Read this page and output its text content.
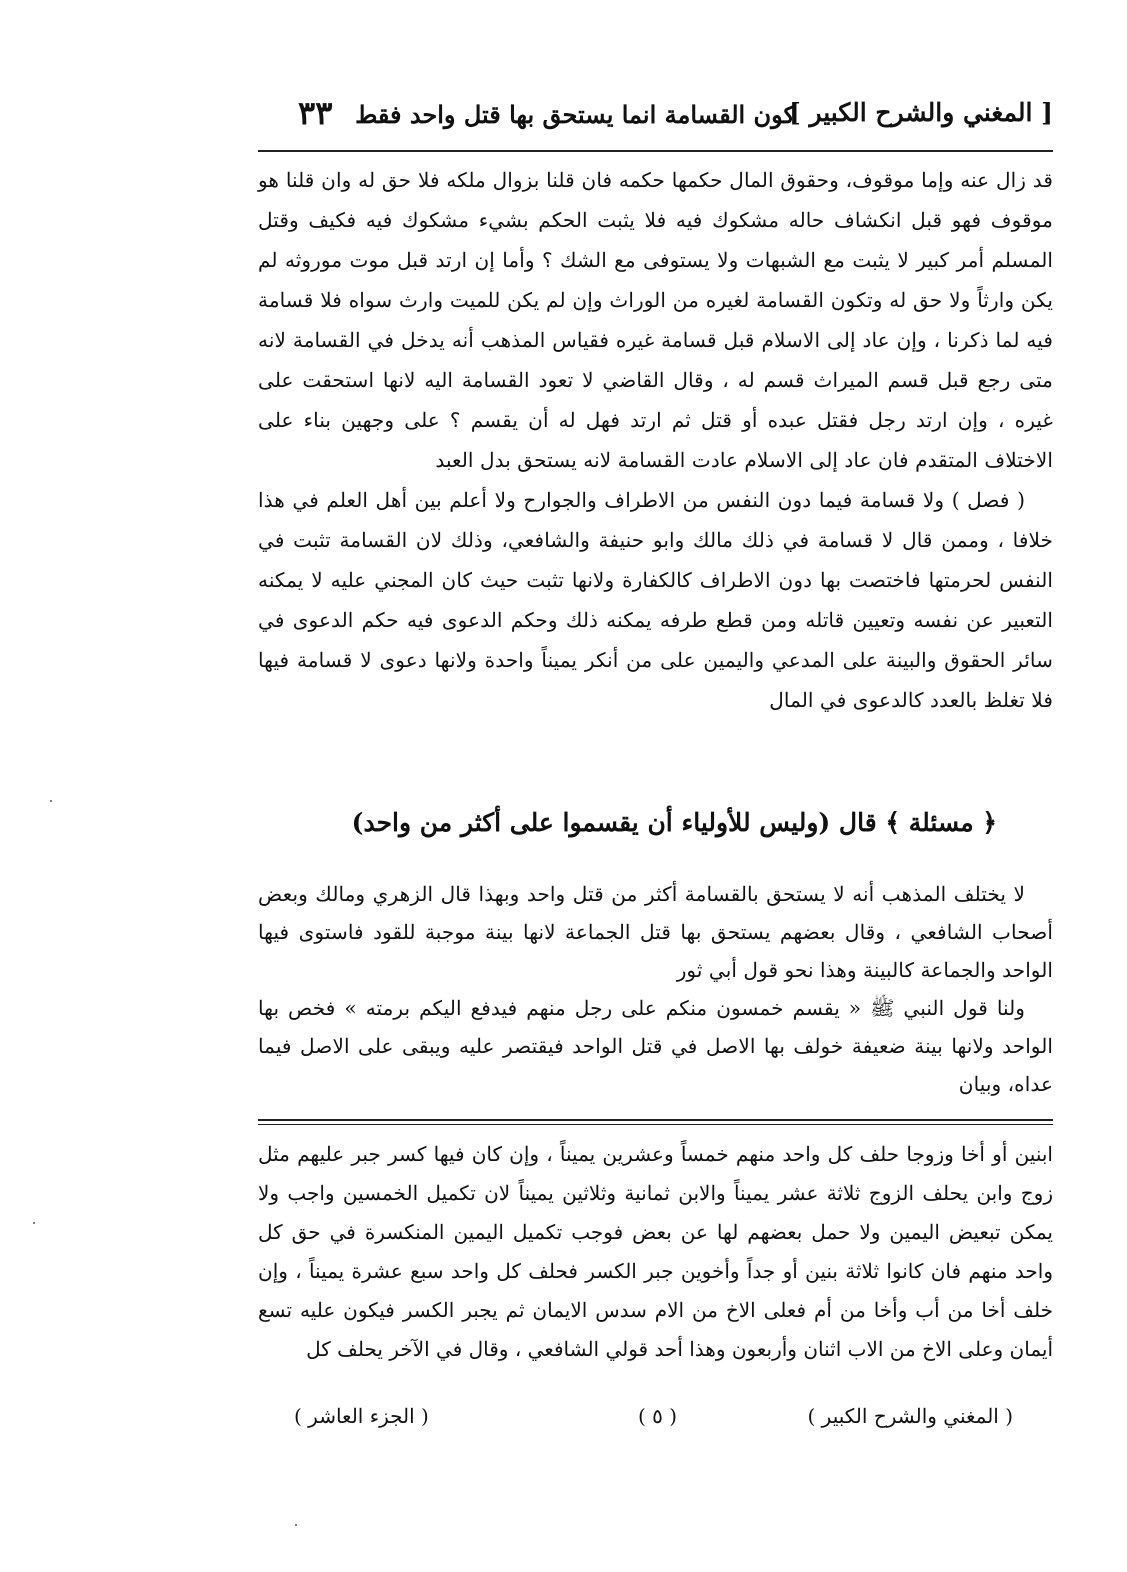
[ المغني والشرح الكبير ]
كون القسامة انما يستحق بها قتل واحد فقط
٣٣

قد زال عنه وإما موقوف، وحقوق المال حكمها حكمه فان قلنا بزوال ملكه فلا حق له وان قلنا هو موقوف فهو قبل انكشاف حاله مشكوك فيه فلا يثبت الحكم بشيء مشكوك فيه فكيف وقتل المسلم أمر كبير لا يثبت مع الشبهات ولا يستوفى مع الشك ؟ وأما إن ارتد قبل موت موروثه لم يكن وارثاً ولا حق له وتكون القسامة لغيره من الوراث وإن لم يكن للميت وارث سواه فلا قسامة فيه لما ذكرنا ، وإن عاد إلى الاسلام قبل قسامة غيره فقياس المذهب أنه يدخل في القسامة لانه متى رجع قبل قسم الميراث قسم له ، وقال القاضي لا تعود القسامة اليه لانها استحقت على غيره ، وإن ارتد رجل فقتل عبده أو قتل ثم ارتد فهل له أن يقسم ؟ على وجهين بناء على الاختلاف المتقدم فان عاد إلى الاسلام عادت القسامة لانه يستحق بدل العبد

( فصل ) ولا قسامة فيما دون النفس من الاطراف والجوارح ولا أعلم بين أهل العلم في هذا خلافا ، وممن قال لا قسامة في ذلك مالك وابو حنيفة والشافعي، وذلك لان القسامة تثبت في النفس لحرمتها فاختصت بها دون الاطراف كالكفارة ولانها تثبت حيث كان المجني عليه لا يمكنه التعبير عن نفسه وتعيين قاتله ومن قطع طرفه يمكنه ذلك وحكم الدعوى فيه حكم الدعوى في سائر الحقوق والبينة على المدعي واليمين على من أنكر يميناً واحدة ولانها دعوى لا قسامة فيها فلا تغلظ بالعدد كالدعوى في المال

﴿ مسئلة ﴾ قال (وليس للأولياء أن يقسموا على أكثر من واحد)

لا يختلف المذهب أنه لا يستحق بالقسامة أكثر من قتل واحد وبهذا قال الزهري ومالك وبعض أصحاب الشافعي ، وقال بعضهم يستحق بها قتل الجماعة لانها بينة موجبة للقود فاستوى فيها الواحد والجماعة كالبينة وهذا نحو قول أبي ثور

ولنا قول النبي ﷺ « يقسم خمسون منكم على رجل منهم فيدفع اليكم برمته » فخص بها الواحد ولانها بينة ضعيفة خولف بها الاصل في قتل الواحد فيقتصر عليه ويبقى على الاصل فيما عداه، وبيان

ابنين أو أخا وزوجا حلف كل واحد منهم خمساً وعشرين يميناً ، وإن كان فيها كسر جبر عليهم مثل زوج وابن يحلف الزوج ثلاثة عشر يميناً والابن ثمانية وثلاثين يميناً لان تكميل الخمسين واجب ولا يمكن تبعيض اليمين ولا حمل بعضهم لها عن بعض فوجب تكميل اليمين المنكسرة في حق كل واحد منهم فان كانوا ثلاثة بنين أو جداً وأخوين جبر الكسر فحلف كل واحد سبع عشرة يميناً ، وإن خلف أخا من أب وأخا من أم فعلى الاخ من الام سدس الايمان ثم يجبر الكسر فيكون عليه تسع أيمان وعلى الاخ من الاب اثنان وأربعون وهذا أحد قولي الشافعي ، وقال في الآخر يحلف كل

( المغني والشرح الكبير )
( ٥ )
( الجزء العاشر )
